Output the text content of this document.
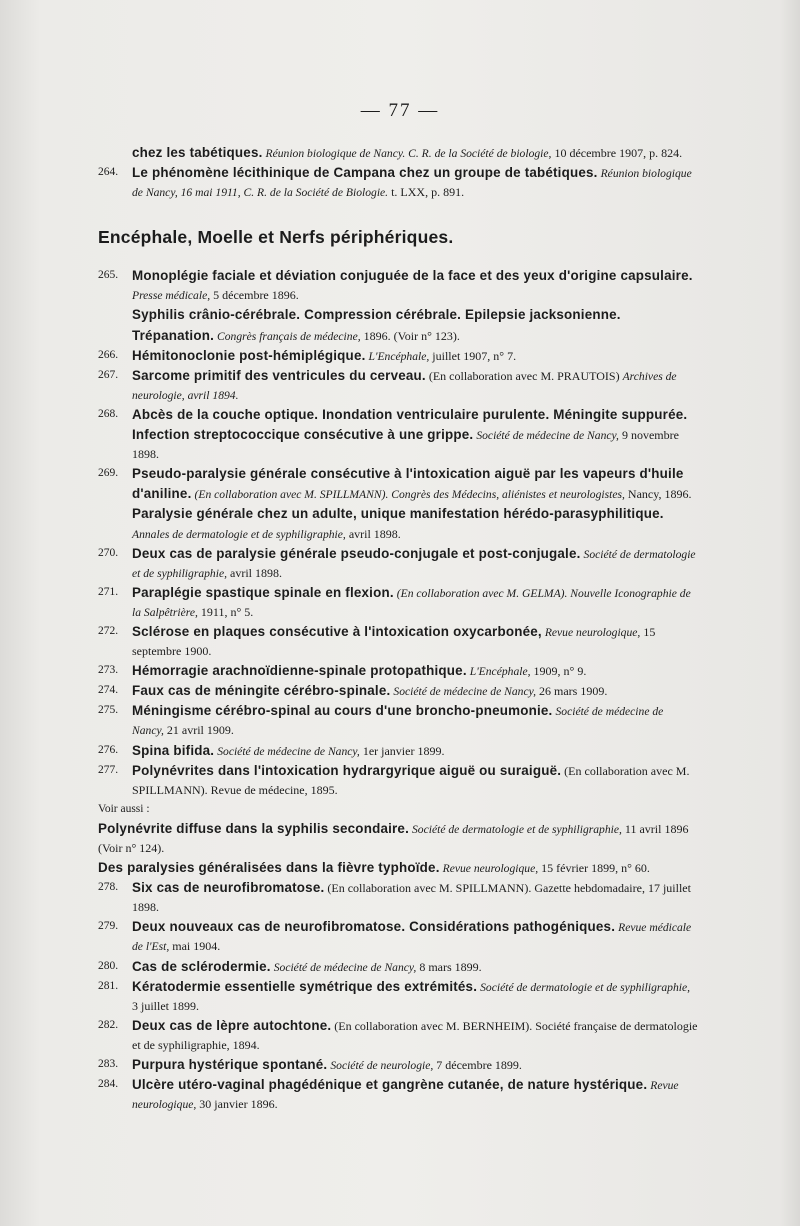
— 77 —

chez les tabétiques. Réunion biologique de Nancy. C. R. de la Société de biologie, 10 décembre 1907, p. 824.

264.	Le phénomène lécithinique de Campana chez un groupe de tabétiques. Réunion biologique de Nancy, 16 mai 1911, C. R. de la Société de Biologie. t. LXX, p. 891.

Encéphale, Moelle et Nerfs périphériques.

265.	Monoplégie faciale et déviation conjuguée de la face et des yeux d'origine capsulaire. Presse médicale, 5 décembre 1896.

Syphilis crânio-cérébrale. Compression cérébrale. Epilepsie jacksonienne. Trépanation. Congrès français de médecine, 1896. (Voir n° 123).

266.	Hémitonoclonie post-hémiplégique. L'Encéphale, juillet 1907, n° 7.

267.	Sarcome primitif des ventricules du cerveau. (En collaboration avec M. PRAUTOIS) Archives de neurologie, avril 1894.

268.	Abcès de la couche optique. Inondation ventriculaire purulente. Méningite suppurée. Infection streptococcique consécutive à une grippe. Société de médecine de Nancy, 9 novembre 1898.

269.	Pseudo-paralysie générale consécutive à l'intoxication aiguë par les vapeurs d'huile d'aniline. (En collaboration avec M. SPILLMANN). Congrès des Médecins, aliénistes et neurologistes, Nancy, 1896.

Paralysie générale chez un adulte, unique manifestation hérédo-parasyphilitique. Annales de dermatologie et de syphiligraphie, avril 1898.

270.	Deux cas de paralysie générale pseudo-conjugale et post-conjugale. Société de dermatologie et de syphiligraphie, avril 1898.

271.	Paraplégie spastique spinale en flexion. (En collaboration avec M. GELMA). Nouvelle Iconographie de la Salpêtrière, 1911, n° 5.

272.	Sclérose en plaques consécutive à l'intoxication oxycarbonée, Revue neurologique, 15 septembre 1900.

273.	Hémorragie arachnoïdienne-spinale protopathique. L'Encéphale, 1909, n° 9.

274.	Faux cas de méningite cérébro-spinale. Société de médecine de Nancy, 26 mars 1909.

275.	Méningisme cérébro-spinal au cours d'une broncho-pneumonie. Société de médecine de Nancy, 21 avril 1909.

276.	Spina bifida. Société de médecine de Nancy, 1er janvier 1899.

277.	Polynévrites dans l'intoxication hydrargyrique aiguë ou suraiguë. (En collaboration avec M. SPILLMANN). Revue de médecine, 1895.

Voir aussi :

Polynévrite diffuse dans la syphilis secondaire. Société de dermatologie et de syphiligraphie, 11 avril 1896 (Voir n° 124).

Des paralysies généralisées dans la fièvre typhoïde. Revue neurologique, 15 février 1899, n° 60.

278.	Six cas de neurofibromatose. (En collaboration avec M. SPILLMANN). Gazette hebdomadaire, 17 juillet 1898.

279.	Deux nouveaux cas de neurofibromatose. Considérations pathogéniques. Revue médicale de l'Est, mai 1904.

280.	Cas de sclérodermie. Société de médecine de Nancy, 8 mars 1899.

281.	Kératodermie essentielle symétrique des extrémités. Société de dermatologie et de syphiligraphie, 3 juillet 1899.

282.	Deux cas de lèpre autochtone. (En collaboration avec M. BERNHEIM). Société française de dermatologie et de syphiligraphie, 1894.

283.	Purpura hystérique spontané. Société de neurologie, 7 décembre 1899.

284.	Ulcère utéro-vaginal phagédénique et gangrène cutanée, de nature hystérique. Revue neurologique, 30 janvier 1896.
